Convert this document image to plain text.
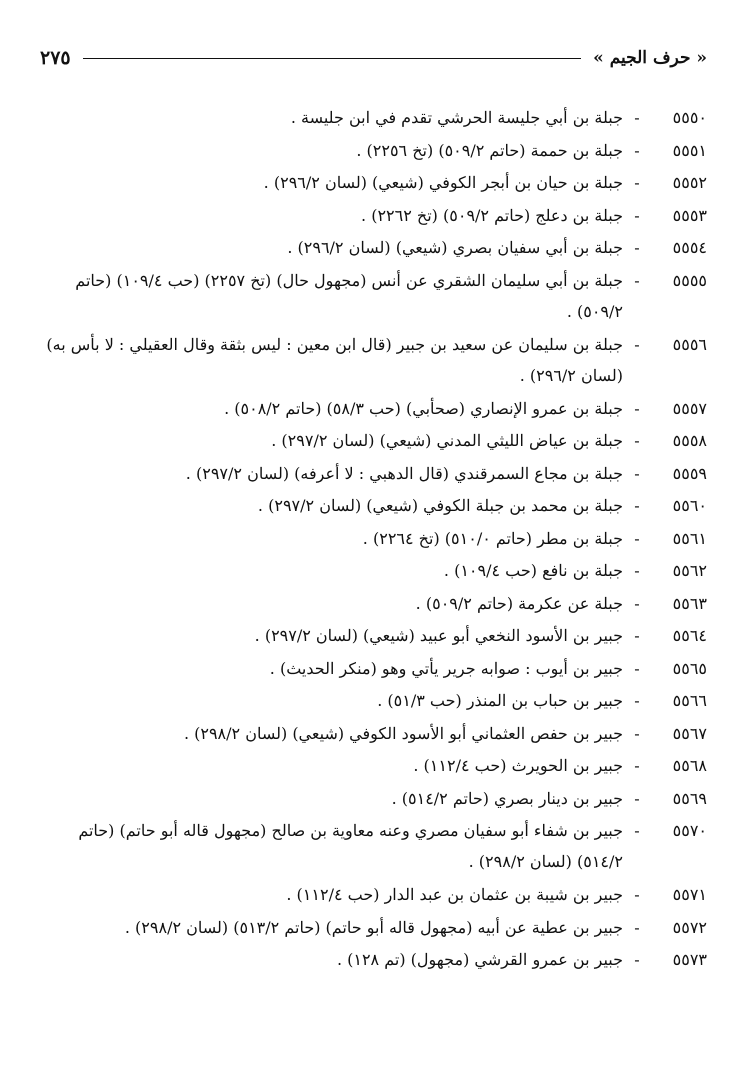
« حرف الجيم »
٢٧٥
٥٥٥٠
-
جبلة بن أبي جليسة الحرشي تقدم في ابن جليسة .
٥٥٥١
-
جبلة بن حممة (حاتم ٥٠٩/٢) (تخ ٢٢٥٦) .
٥٥٥٢
-
جبلة بن حيان بن أبجر الكوفي (شيعي) (لسان ٢٩٦/٢) .
٥٥٥٣
-
جبلة بن دعلج (حاتم ٥٠٩/٢) (تخ ٢٢٦٢) .
٥٥٥٤
-
جبلة بن أبي سفيان بصري (شيعي) (لسان ٢٩٦/٢) .
٥٥٥٥
-
جبلة بن أبي سليمان الشقري عن أنس (مجهول حال) (تخ ٢٢٥٧) (حب ١٠٩/٤) (حاتم ٥٠٩/٢) .
٥٥٥٦
-
جبلة بن سليمان عن سعيد بن جبير (قال ابن معين : ليس بثقة وقال العقيلي : لا بأس به) (لسان ٢٩٦/٢) .
٥٥٥٧
-
جبلة بن عمرو الإنصاري (صحأبي) (حب ٥٨/٣) (حاتم ٥٠٨/٢) .
٥٥٥٨
-
جبلة بن عياض الليثي المدني (شيعي) (لسان ٢٩٧/٢) .
٥٥٥٩
-
جبلة بن مجاع السمرقندي (قال الدهبي : لا أعرفه) (لسان ٢٩٧/٢) .
٥٥٦٠
-
جبلة بن محمد بن جبلة الكوفي (شيعي) (لسان ٢٩٧/٢) .
٥٥٦١
-
جبلة بن مطر (حاتم ٥١٠/٠) (تخ ٢٢٦٤) .
٥٥٦٢
-
جبلة بن نافع (حب ١٠٩/٤) .
٥٥٦٣
-
جبلة عن عكرمة (حاتم ٥٠٩/٢) .
٥٥٦٤
-
جبير بن الأسود النخعي أبو عبيد (شيعي) (لسان ٢٩٧/٢) .
٥٥٦٥
-
جبير بن أيوب : صوابه جرير يأتي وهو (منكر الحديث) .
٥٥٦٦
-
جبير بن حباب بن المنذر (حب ٥١/٣) .
٥٥٦٧
-
جبير بن حفص العثماني أبو الأسود الكوفي (شيعي) (لسان ٢٩٨/٢) .
٥٥٦٨
-
جبير بن الحويرث (حب ١١٢/٤) .
٥٥٦٩
-
جبير بن دينار بصري (حاتم ٥١٤/٢) .
٥٥٧٠
-
جبير بن شفاء أبو سفيان مصري وعنه معاوية بن صالح (مجهول قاله أبو حاتم) (حاتم ٥١٤/٢) (لسان ٢٩٨/٢) .
٥٥٧١
-
جبير بن شيبة بن عثمان بن عبد الدار (حب ١١٢/٤) .
٥٥٧٢
-
جبير بن عطية عن أبيه (مجهول قاله أبو حاتم) (حاتم ٥١٣/٢) (لسان ٢٩٨/٢) .
٥٥٧٣
-
جبير بن عمرو القرشي (مجهول) (تم ١٢٨) .
